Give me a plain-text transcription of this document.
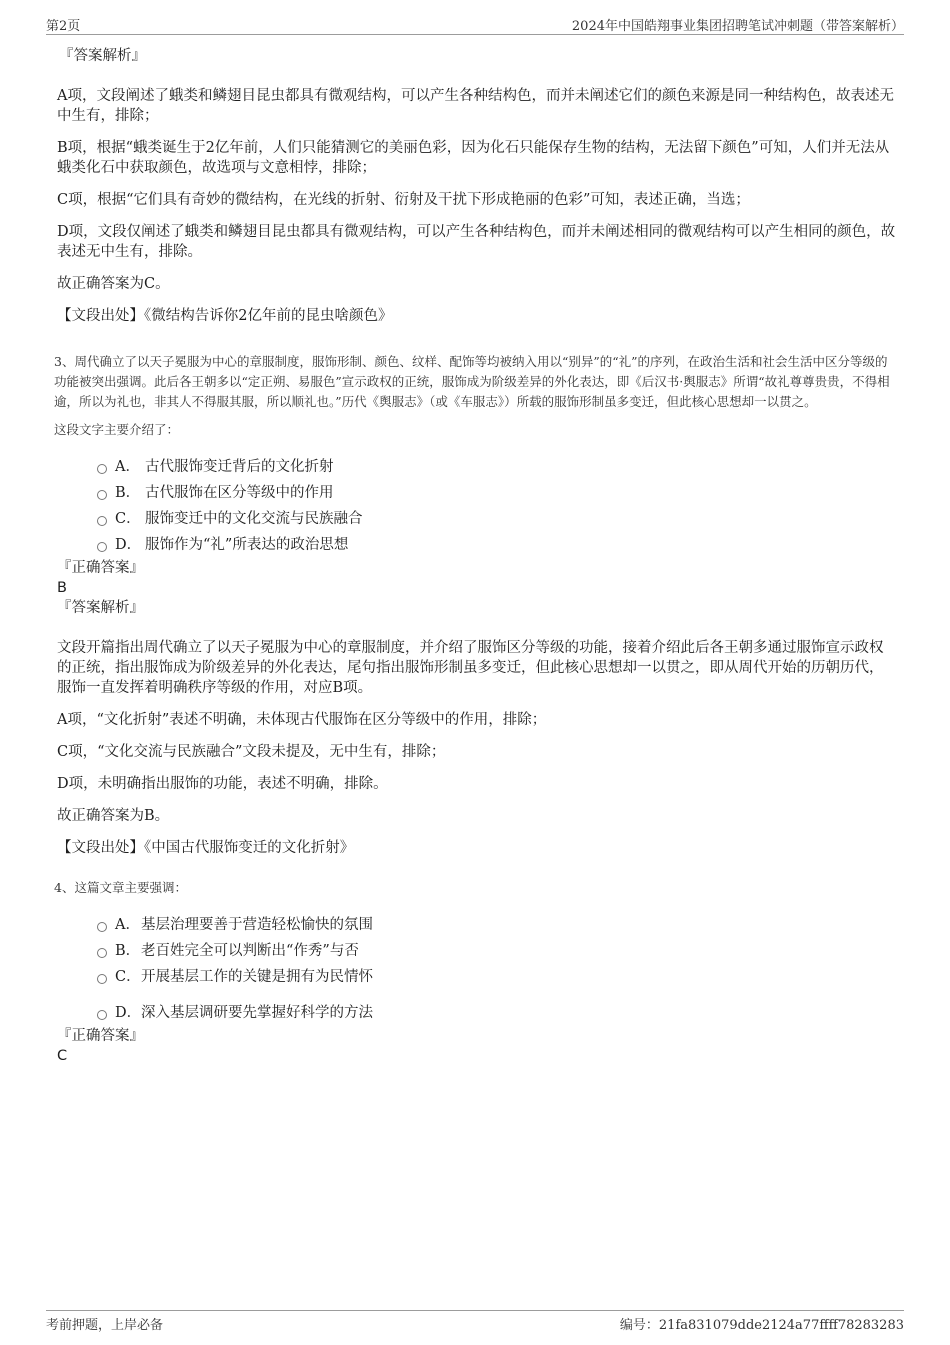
第2页	2024年中国皓翔事业集团招聘笔试冲刺题（带答案解析）

『答案解析』

A项，文段阐述了蛾类和鳞翅目昆虫都具有微观结构，可以产生各种结构色，而并未阐述它们的颜色来源是同一种结构色，故表述无中生有，排除；

B项，根据“蛾类诞生于2亿年前，人们只能猜测它的美丽色彩，因为化石只能保存生物的结构，无法留下颜色”可知，人们并无法从蛾类化石中获取颜色，故选项与文意相悖，排除；

C项，根据“它们具有奇妙的微结构，在光线的折射、衍射及干扰下形成艳丽的色彩”可知，表述正确，当选；

D项，文段仅阐述了蛾类和鳞翅目昆虫都具有微观结构，可以产生各种结构色，而并未阐述相同的微观结构可以产生相同的颜色，故表述无中生有，排除。

故正确答案为C。

【文段出处】《微结构告诉你2亿年前的昆虫啥颜色》

3、周代确立了以天子冕服为中心的章服制度，服饰形制、颜色、纹样、配饰等均被纳入用以“别异”的“礼”的序列，在政治生活和社会生活中区分等级的功能被突出强调。此后各王朝多以“定正朔、易服色”宣示政权的正统，服饰成为阶级差异的外化表达，即《后汉书·舆服志》所谓“故礼尊尊贵贵，不得相逾，所以为礼也，非其人不得服其服，所以顺礼也。”历代《舆服志》（或《车服志》）所载的服饰形制虽多变迁，但此核心思想却一以贯之。

这段文字主要介绍了：

A． 古代服饰变迁背后的文化折射
B． 古代服饰在区分等级中的作用
C． 服饰变迁中的文化交流与民族融合
D． 服饰作为“礼”所表达的政治思想

『正确答案』

B

『答案解析』

文段开篇指出周代确立了以天子冕服为中心的章服制度，并介绍了服饰区分等级的功能，接着介绍此后各王朝多通过服饰宣示政权的正统，指出服饰成为阶级差异的外化表达，尾句指出服饰形制虽多变迁，但此核心思想却一以贯之，即从周代开始的历朝历代，服饰一直发挥着明确秩序等级的作用，对应B项。

A项，“文化折射”表述不明确，未体现古代服饰在区分等级中的作用，排除；

C项，“文化交流与民族融合”文段未提及，无中生有，排除；

D项，未明确指出服饰的功能，表述不明确，排除。

故正确答案为B。

【文段出处】《中国古代服饰变迁的文化折射》

4、这篇文章主要强调：

A．基层治理要善于营造轻松愉快的氛围
B．老百姓完全可以判断出“作秀”与否
C．开展基层工作的关键是拥有为民情怀
D．深入基层调研要先掌握好科学的方法

『正确答案』

C

考前押题，上岸必备	编号：21fa831079dde2124a77ffff78283283
